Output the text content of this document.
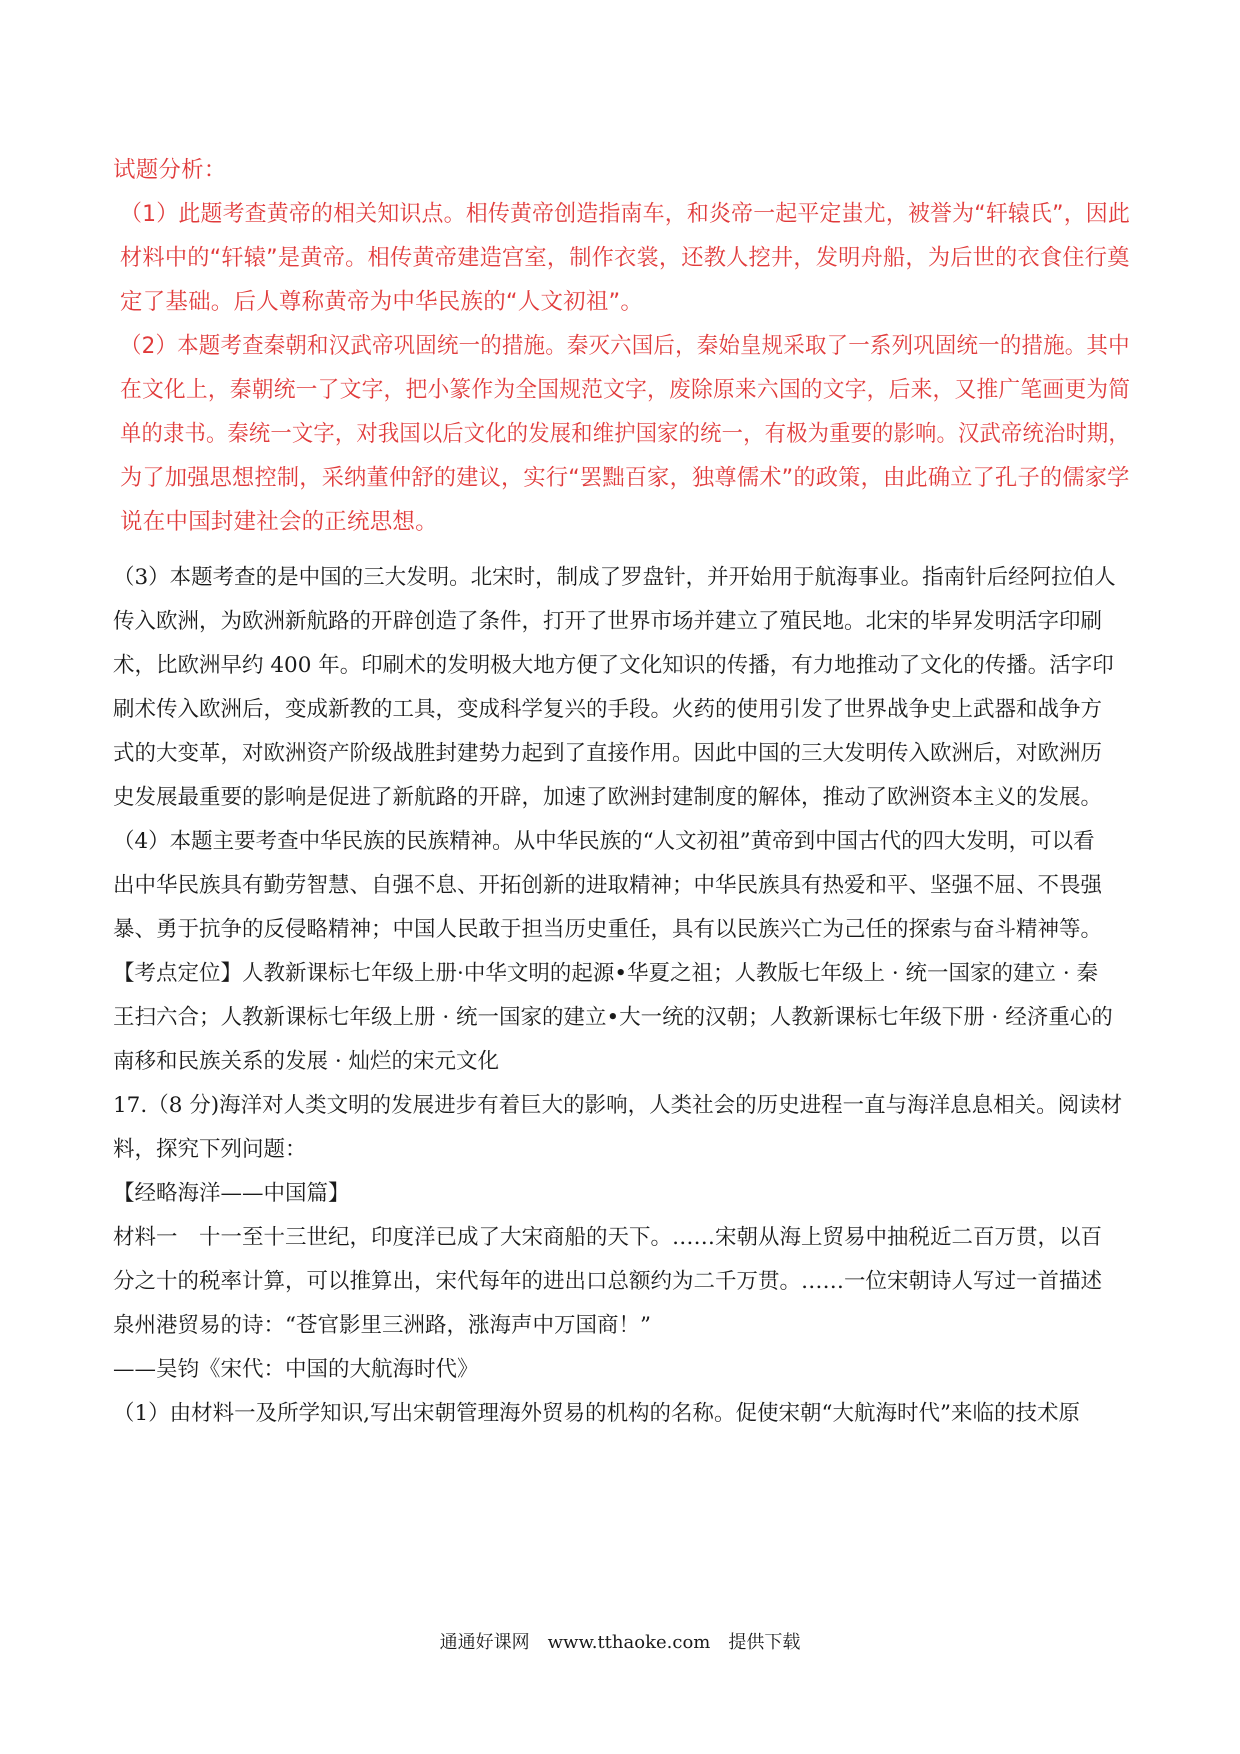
试题分析：
（1）此题考查黄帝的相关知识点。相传黄帝创造指南车，和炎帝一起平定蚩尤，被誉为“轩辕氏”，因此
材料中的“轩辕”是黄帝。相传黄帝建造宫室，制作衣裳，还教人挖井，发明舟船，为后世的衣食住行奠
定了基础。后人尊称黄帝为中华民族的“人文初祖”。
（2）本题考查秦朝和汉武帝巩固统一的措施。秦灭六国后，秦始皇规采取了一系列巩固统一的措施。其中
在文化上，秦朝统一了文字，把小篆作为全国规范文字，废除原来六国的文字，后来，又推广笔画更为简
单的隶书。秦统一文字，对我国以后文化的发展和维护国家的统一，有极为重要的影响。汉武帝统治时期，
为了加强思想控制，采纳董仲舒的建议，实行“罢黜百家，独尊儒术”的政策，由此确立了孔子的儒家学
说在中国封建社会的正统思想。
（3）本题考查的是中国的三大发明。北宋时，制成了罗盘针，并开始用于航海事业。指南针后经阿拉伯人
传入欧洲，为欧洲新航路的开辟创造了条件，打开了世界市场并建立了殖民地。北宋的毕昇发明活字印刷
术，比欧洲早约 400 年。印刷术的发明极大地方便了文化知识的传播，有力地推动了文化的传播。活字印
刷术传入欧洲后，变成新教的工具，变成科学复兴的手段。火药的使用引发了世界战争史上武器和战争方
式的大变革，对欧洲资产阶级战胜封建势力起到了直接作用。因此中国的三大发明传入欧洲后，对欧洲历
史发展最重要的影响是促进了新航路的开辟，加速了欧洲封建制度的解体，推动了欧洲资本主义的发展。
（4）本题主要考查中华民族的民族精神。从中华民族的“人文初祖”黄帝到中国古代的四大发明，可以看
出中华民族具有勤劳智慧、自强不息、开拓创新的进取精神；中华民族具有热爱和平、坚强不屈、不畏强
暴、勇于抗争的反侵略精神；中国人民敢于担当历史重任，具有以民族兴亡为己任的探索与奋斗精神等。
【考点定位】人教新课标七年级上册·中华文明的起源•华夏之祖；人教版七年级上 · 统一国家的建立 · 秦
王扫六合；人教新课标七年级上册 · 统一国家的建立•大一统的汉朝；人教新课标七年级下册 · 经济重心的
南移和民族关系的发展 · 灿烂的宋元文化
17.（8 分)海洋对人类文明的发展进步有着巨大的影响，人类社会的历史进程一直与海洋息息相关。阅读材
料，探究下列问题：
【经略海洋——中国篇】
材料一　十一至十三世纪，印度洋已成了大宋商船的天下。……宋朝从海上贸易中抽税近二百万贯，以百
分之十的税率计算，可以推算出，宋代每年的进出口总额约为二千万贯。……一位宋朝诗人写过一首描述
泉州港贸易的诗：“苍官影里三洲路，涨海声中万国商！”
——吴钧《宋代：中国的大航海时代》
（1）由材料一及所学知识,写出宋朝管理海外贸易的机构的名称。促使宋朝“大航海时代”来临的技术原
通通好课网　www.tthaoke.com　提供下载
